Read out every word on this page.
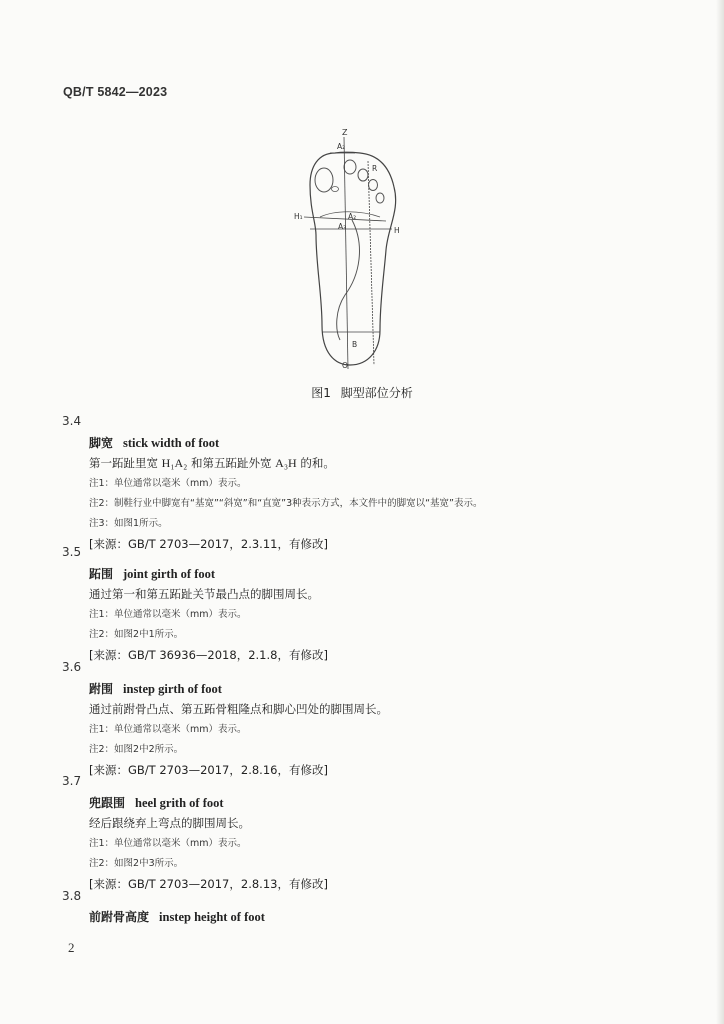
QB/T 5842—2023
Z
A₂
R
H₁	A₂
A₃	H
B
O
图1 脚型部位分析
3.4
脚宽 stick width of foot
第一跖趾里宽 H₁A₂ 和第五跖趾外宽 A₃H 的和。
注1：单位通常以毫米（mm）表示。
注2：制鞋行业中脚宽有“基宽”“斜宽”和“直宽”3种表示方式，本文件中的脚宽以“基宽”表示。
注3：如图1所示。
[来源：GB/T 2703—2017，2.3.11，有修改]
3.5
跖围 joint girth of foot
通过第一和第五跖趾关节最凸点的脚围周长。
注1：单位通常以毫米（mm）表示。
注2：如图2中1所示。
[来源：GB/T 36936—2018，2.1.8，有修改]
3.6
跗围 instep girth of foot
通过前跗骨凸点、第五跖骨粗隆点和脚心凹处的脚围周长。
注1：单位通常以毫米（mm）表示。
注2：如图2中2所示。
[来源：GB/T 2703—2017，2.8.16，有修改]
3.7
兜跟围 heel grith of foot
经后跟绕弃上弯点的脚围周长。
注1：单位通常以毫米（mm）表示。
注2：如图2中3所示。
[来源：GB/T 2703—2017，2.8.13，有修改]
3.8
前跗骨高度 instep height of foot
2
